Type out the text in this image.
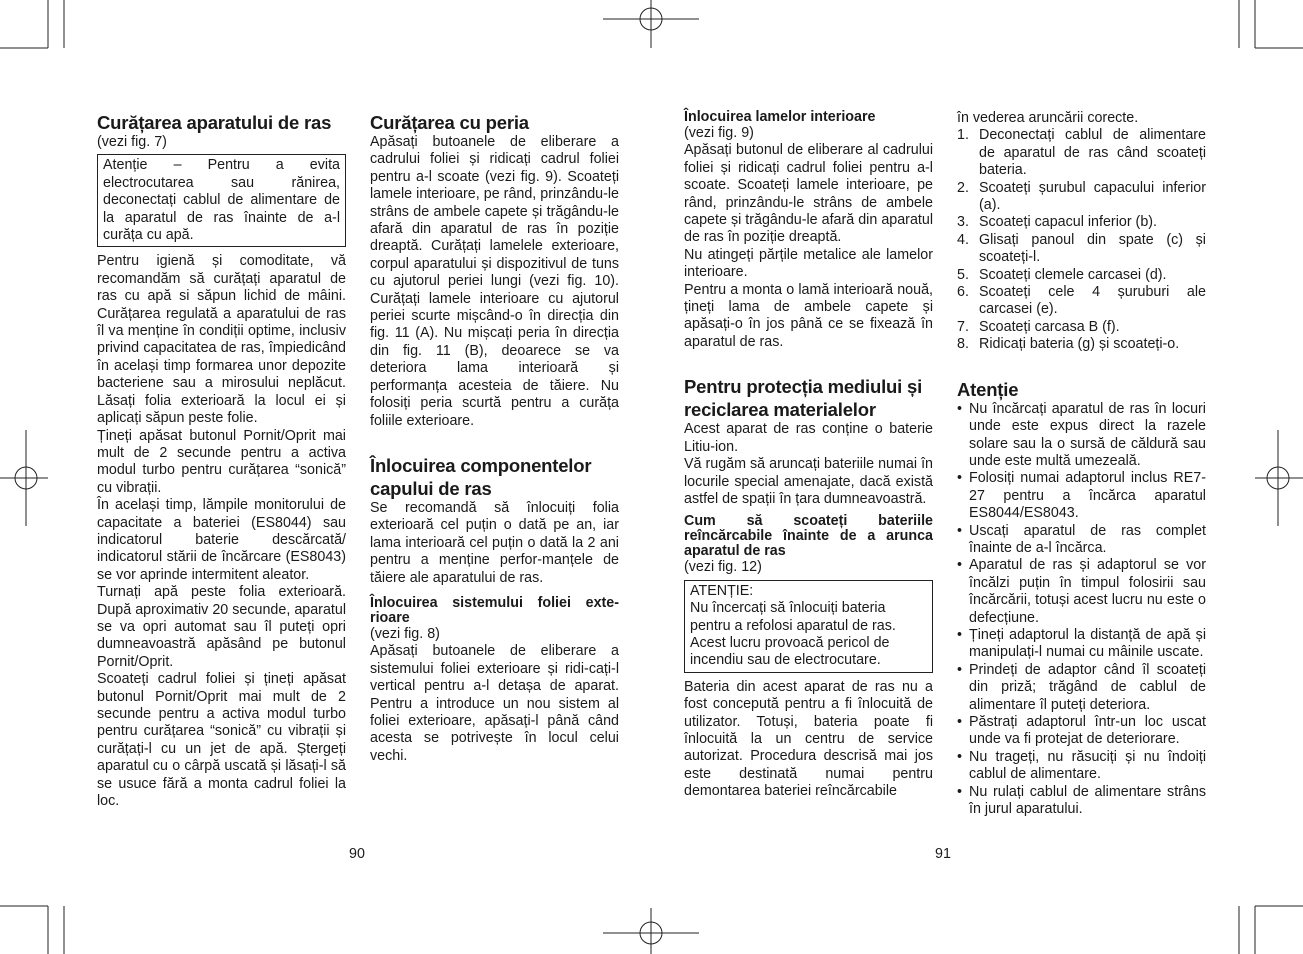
Curățarea aparatului de ras

(vezi fig. 7)

Atenție – Pentru a evita electrocutarea sau rănirea, deconectați cablul de alimentare de la aparatul de ras înainte de a-l curăța cu apă.

Pentru igienă și comoditate, vă recomandăm să curățați aparatul de ras cu apă si săpun lichid de mâini. Curățarea regulată a aparatului de ras îl va menține în condiții optime, inclusiv privind capacitatea de ras, împiedicând în același timp formarea unor depozite bacteriene sau a mirosului neplăcut. Lăsați folia exterioară la locul ei și aplicați săpun peste folie.

Țineți apăsat butonul Pornit/Oprit mai mult de 2 secunde pentru a activa modul turbo pentru curățarea “sonică” cu vibrații.

În același timp, lămpile monitorului de capacitate a bateriei (ES8044) sau indicatorul baterie descărcată/ indicatorul stării de încărcare (ES8043) se vor aprinde intermitent aleator.

Turnați apă peste folia exterioară. După aproximativ 20 secunde, aparatul se va opri automat sau îl puteți opri dumneavoastră apăsând pe butonul Pornit/Oprit.

Scoateți cadrul foliei și țineți apăsat butonul Pornit/Oprit mai mult de 2 secunde pentru a activa modul turbo pentru curățarea “sonică” cu vibrații și curățați-l cu un jet de apă. Ștergeți aparatul cu o cârpă uscată și lăsați-l să se usuce fără a monta cadrul foliei la loc.

Curățarea cu peria

Apăsați butoanele de eliberare a cadrului foliei și ridicați cadrul foliei pentru a-l scoate (vezi fig. 9). Scoateți lamele interioare, pe rând, prinzându-le strâns de ambele capete și trăgându-le afară din aparatul de ras în poziție dreaptă. Curățați lamelele exterioare, corpul aparatului și dispozitivul de tuns cu ajutorul periei lungi (vezi fig. 10). Curățați lamele interioare cu ajutorul periei scurte mișcând-o în direcția din fig. 11 (A). Nu mișcați peria în direcția din fig. 11 (B), deoarece se va deteriora lama interioară și performanța acesteia de tăiere. Nu folosiți peria scurtă pentru a curăța foliile exterioare.

Înlocuirea componentelor capului de ras

Se recomandă să înlocuiți folia exterioară cel puțin o dată pe an, iar lama interioară cel puțin o dată la 2 ani pentru a menține perfor-manțele de tăiere ale aparatului de ras.

Înlocuirea sistemului foliei exte-rioare

(vezi fig. 8)

Apăsați butoanele de eliberare a sistemului foliei exterioare și ridi-cați-l vertical pentru a-l detașa de aparat. Pentru a introduce un nou sistem al foliei exterioare, apăsați-l până când acesta se potrivește în locul celui vechi.

Înlocuirea lamelor interioare

(vezi fig. 9)

Apăsați butonul de eliberare al cadrului foliei și ridicați cadrul foliei pentru a-l scoate. Scoateți lamele interioare, pe rând, prinzându-le strâns de ambele capete și trăgându-le afară din aparatul de ras în poziție dreaptă.

Nu atingeți părțile metalice ale lamelor interioare.

Pentru a monta o lamă interioară nouă, țineți lama de ambele capete și apăsați-o în jos până ce se fixează în aparatul de ras.

Pentru protecția mediului și reciclarea materialelor

Acest aparat de ras conține o baterie Litiu-ion.

Vă rugăm să aruncați bateriile numai în locurile special amenajate, dacă există astfel de spații în țara dumneavoastră.

Cum să scoateți bateriile reîncărcabile înainte de a arunca aparatul de ras

(vezi fig. 12)

ATENȚIE:

Nu încercați să înlocuiți bateria pentru a refolosi aparatul de ras. Acest lucru provoacă pericol de incendiu sau de electrocutare.

Bateria din acest aparat de ras nu a fost concepută pentru a fi înlocuită de utilizator. Totuși, bateria poate fi înlocuită la un centru de service autorizat. Procedura descrisă mai jos este destinată numai pentru demontarea bateriei reîncărcabile

în vederea aruncării corecte.

1. Deconectați cablul de alimentare de aparatul de ras când scoateți bateria.
2. Scoateți șurubul capacului inferior (a).
3. Scoateți capacul inferior (b).
4. Glisați panoul din spate (c) și scoateți-l.
5. Scoateți clemele carcasei (d).
6. Scoateți cele 4 șuruburi ale carcasei (e).
7. Scoateți carcasa B (f).
8. Ridicați bateria (g) și scoateți-o.
Atenție
• Nu încărcați aparatul de ras în locuri unde este expus direct la razele solare sau la o sursă de căldură sau unde este multă umezeală.
• Folosiți numai adaptorul inclus RE7-27 pentru a încărca aparatul ES8044/ES8043.
• Uscați aparatul de ras complet înainte de a-l încărca.
• Aparatul de ras și adaptorul se vor încălzi puțin în timpul folosirii sau încărcării, totuși acest lucru nu este o defecțiune.
• Țineți adaptorul la distanță de apă și manipulați-l numai cu mâinile uscate.
• Prindeți de adaptor când îl scoateți din priză; trăgând de cablul de alimentare îl puteți deteriora.
• Păstrați adaptorul într-un loc uscat unde va fi protejat de deteriorare.
• Nu trageți, nu răsuciți și nu îndoiți cablul de alimentare.
• Nu rulați cablul de alimentare strâns în jurul aparatului.
90	91
